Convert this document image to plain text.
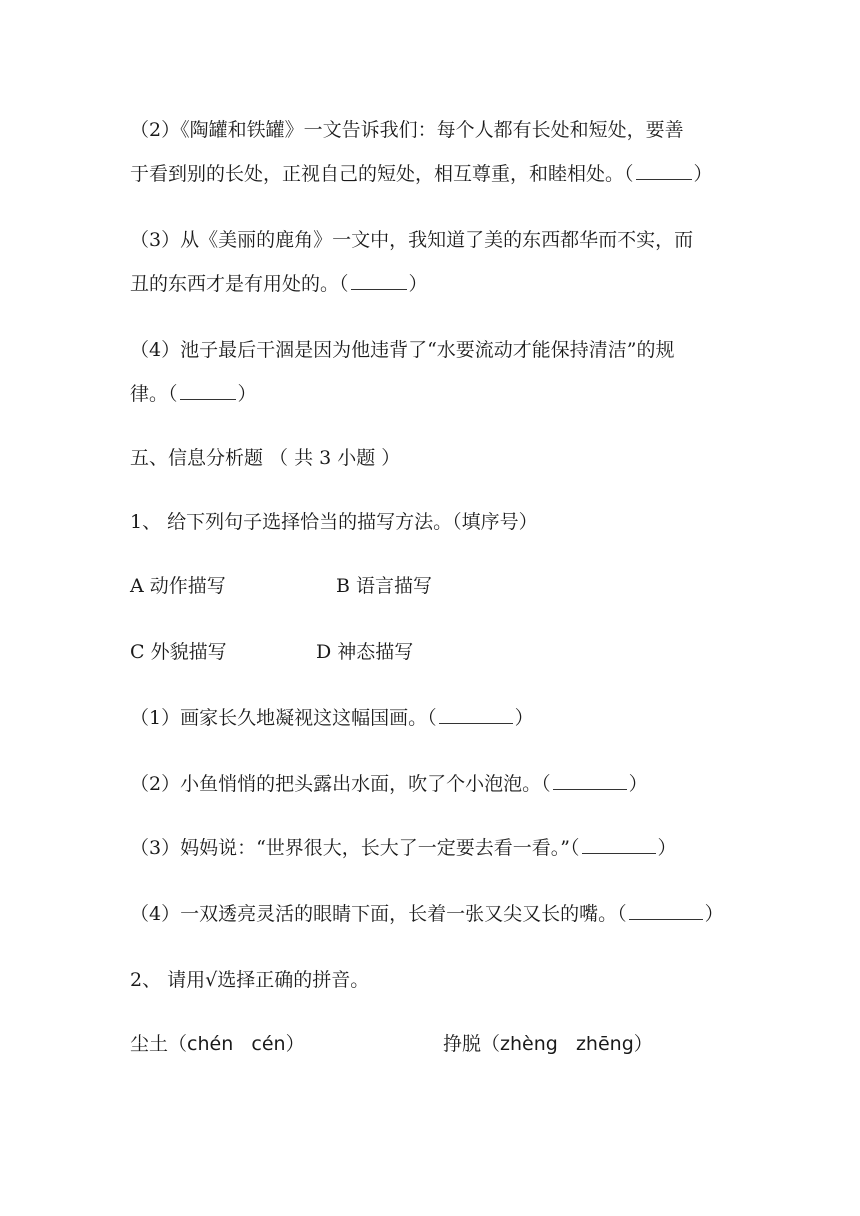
（2）《陶罐和铁罐》一文告诉我们：每个人都有长处和短处，要善
于看到别的长处，正视自己的短处，相互尊重，和睦相处。（	）
（3）从《美丽的鹿角》一文中，我知道了美的东西都华而不实，而
丑的东西才是有用处的。（	）
（4）池子最后干涸是因为他违背了“水要流动才能保持清洁”的规
律。（	）
五、信息分析题 （ 共 3 小题 ）
1、 给下列句子选择恰当的描写方法。（填序号）
A 动作描写	B 语言描写
C 外貌描写	D 神态描写
（1）画家长久地凝视这这幅国画。（	）
（2）小鱼悄悄的把头露出水面，吹了个小泡泡。（	）
（3）妈妈说：“世界很大，长大了一定要去看一看。”（	）
（4）一双透亮灵活的眼睛下面，长着一张又尖又长的嘴。（	）
2、 请用√选择正确的拼音。
尘土（chén cén）	挣脱（zhèng zhēng）
